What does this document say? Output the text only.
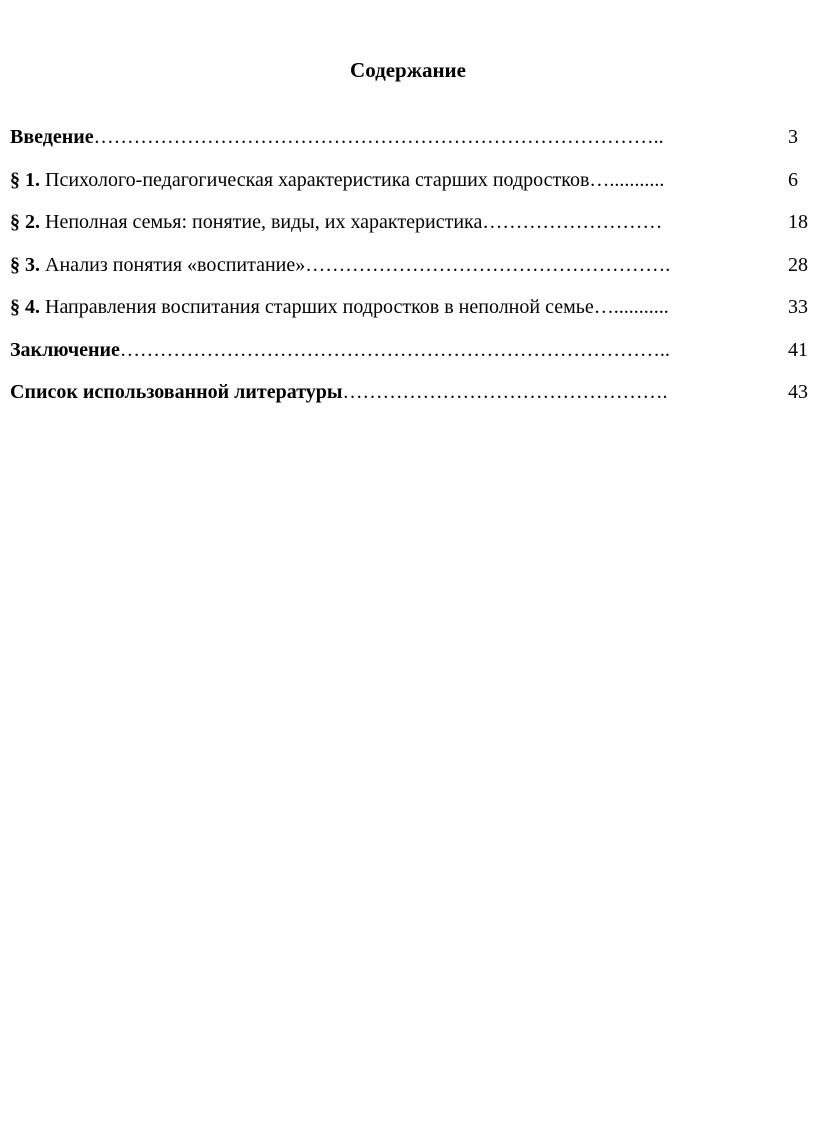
Содержание
Введение…………………………………………………………………………..	3
§ 1. Психолого-педагогическая характеристика старших подростков…...........	6
§ 2. Неполная семья: понятие, виды, их характеристика………………………	18
§ 3. Анализ понятия «воспитание»……………………………………………….	28
§ 4. Направления воспитания старших подростков в неполной семье…...........	33
Заключение………………………………………………………………………..	41
Список использованной литературы………………………………………….	43
